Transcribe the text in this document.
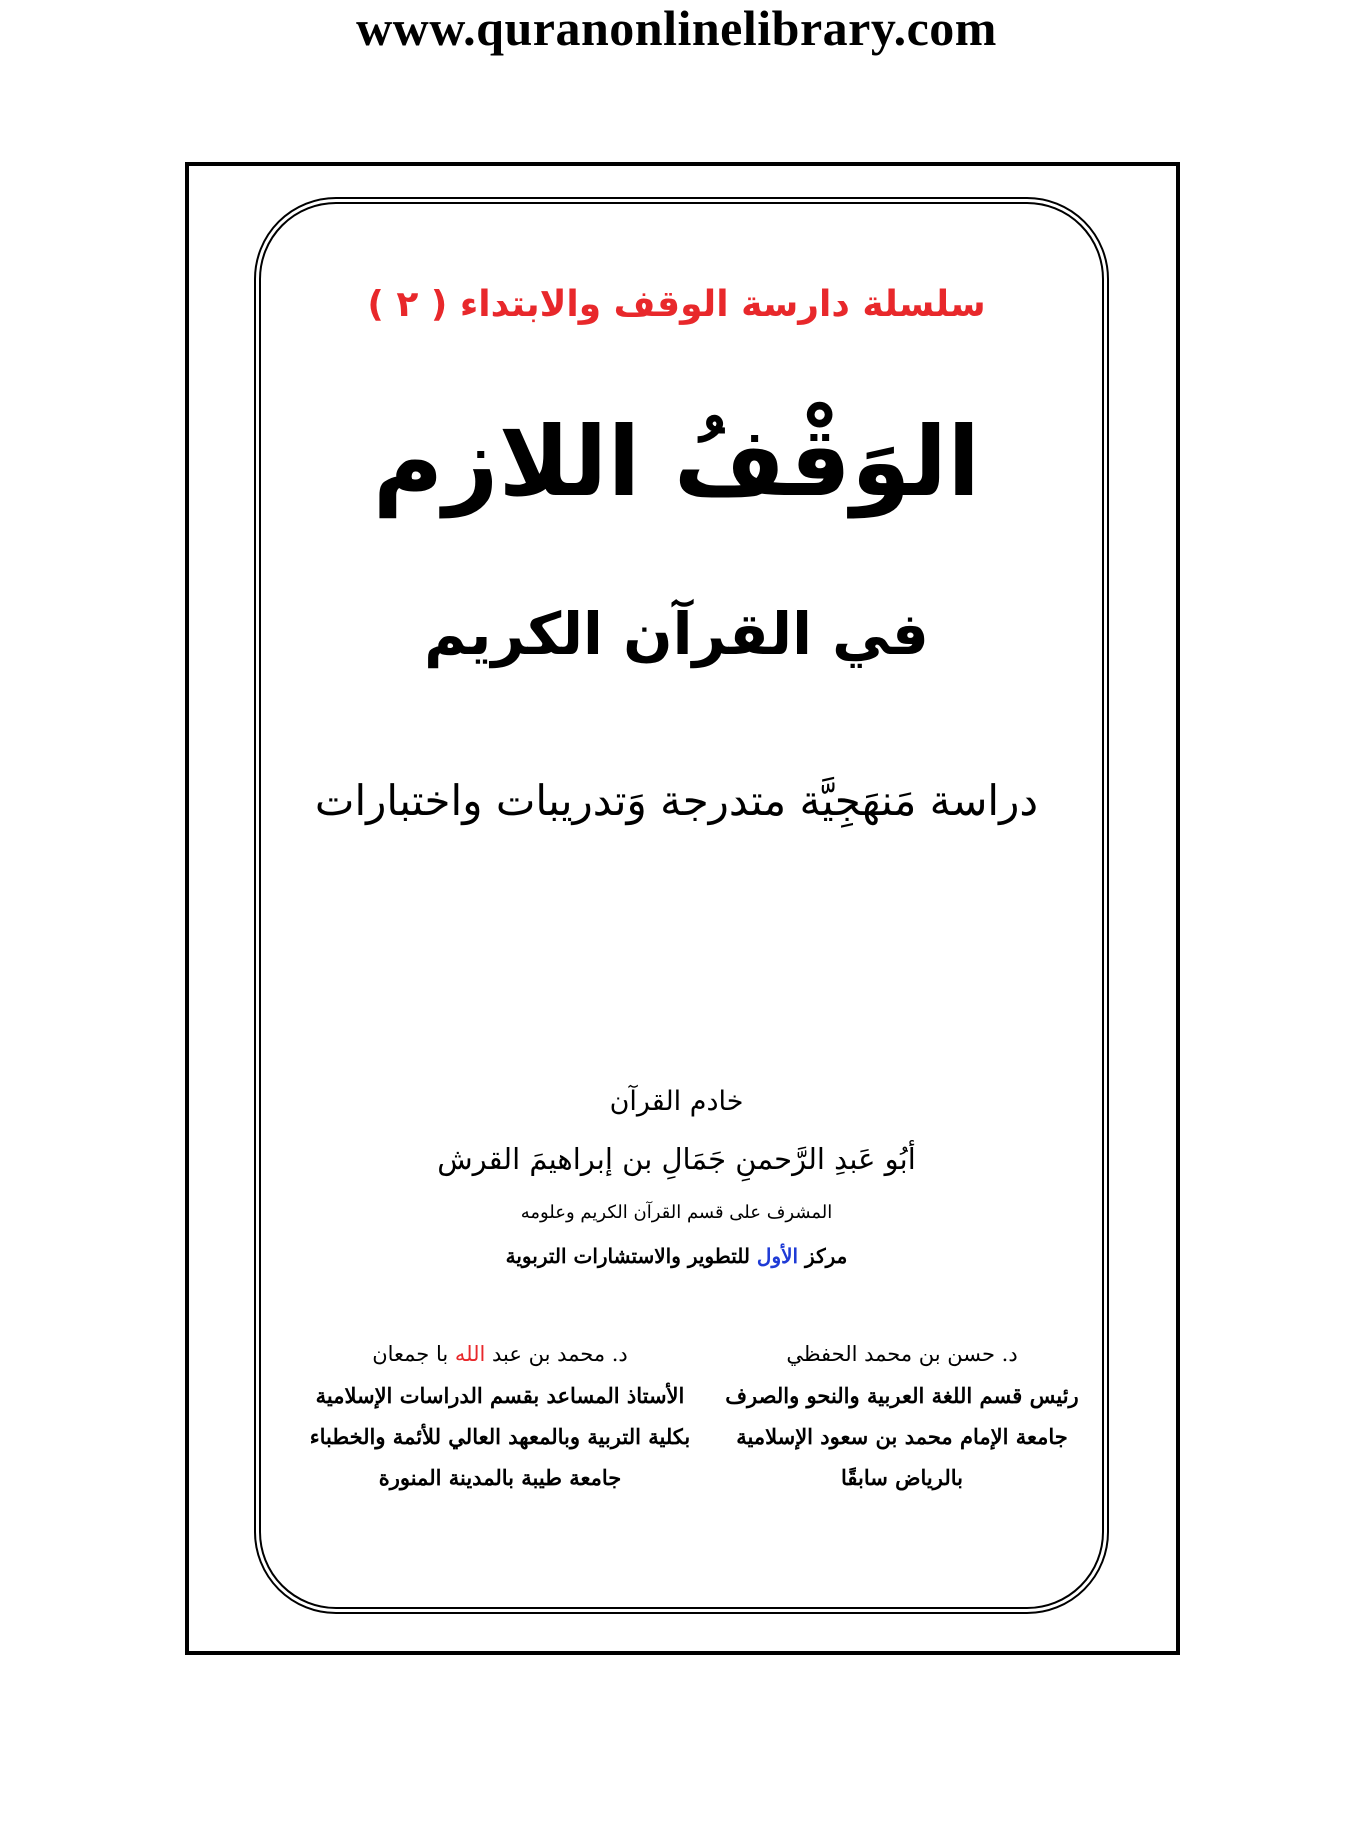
www.quranonlinelibrary.com
سلسلة دارسة الوقف والابتداء ( ٢ )
الوَقْفُ اللازم
في القرآن الكريم
دراسة مَنهَجِيَّة متدرجة وَتدريبات واختبارات
خادم القرآن
أبُو عَبدِ الرَّحمنِ جَمَالِ بن إبراهيمَ القرش
المشرف على قسم القرآن الكريم وعلومه
مركز الأول للتطوير والاستشارات التربوية
د. حسن بن محمد الحفظي
رئيس قسم اللغة العربية والنحو والصرف
جامعة الإمام محمد بن سعود الإسلامية
بالرياض سابقًا
د. محمد بن عبد الله با جمعان
الأستاذ المساعد بقسم الدراسات الإسلامية
بكلية التربية وبالمعهد العالي للأئمة والخطباء
جامعة طيبة بالمدينة المنورة
